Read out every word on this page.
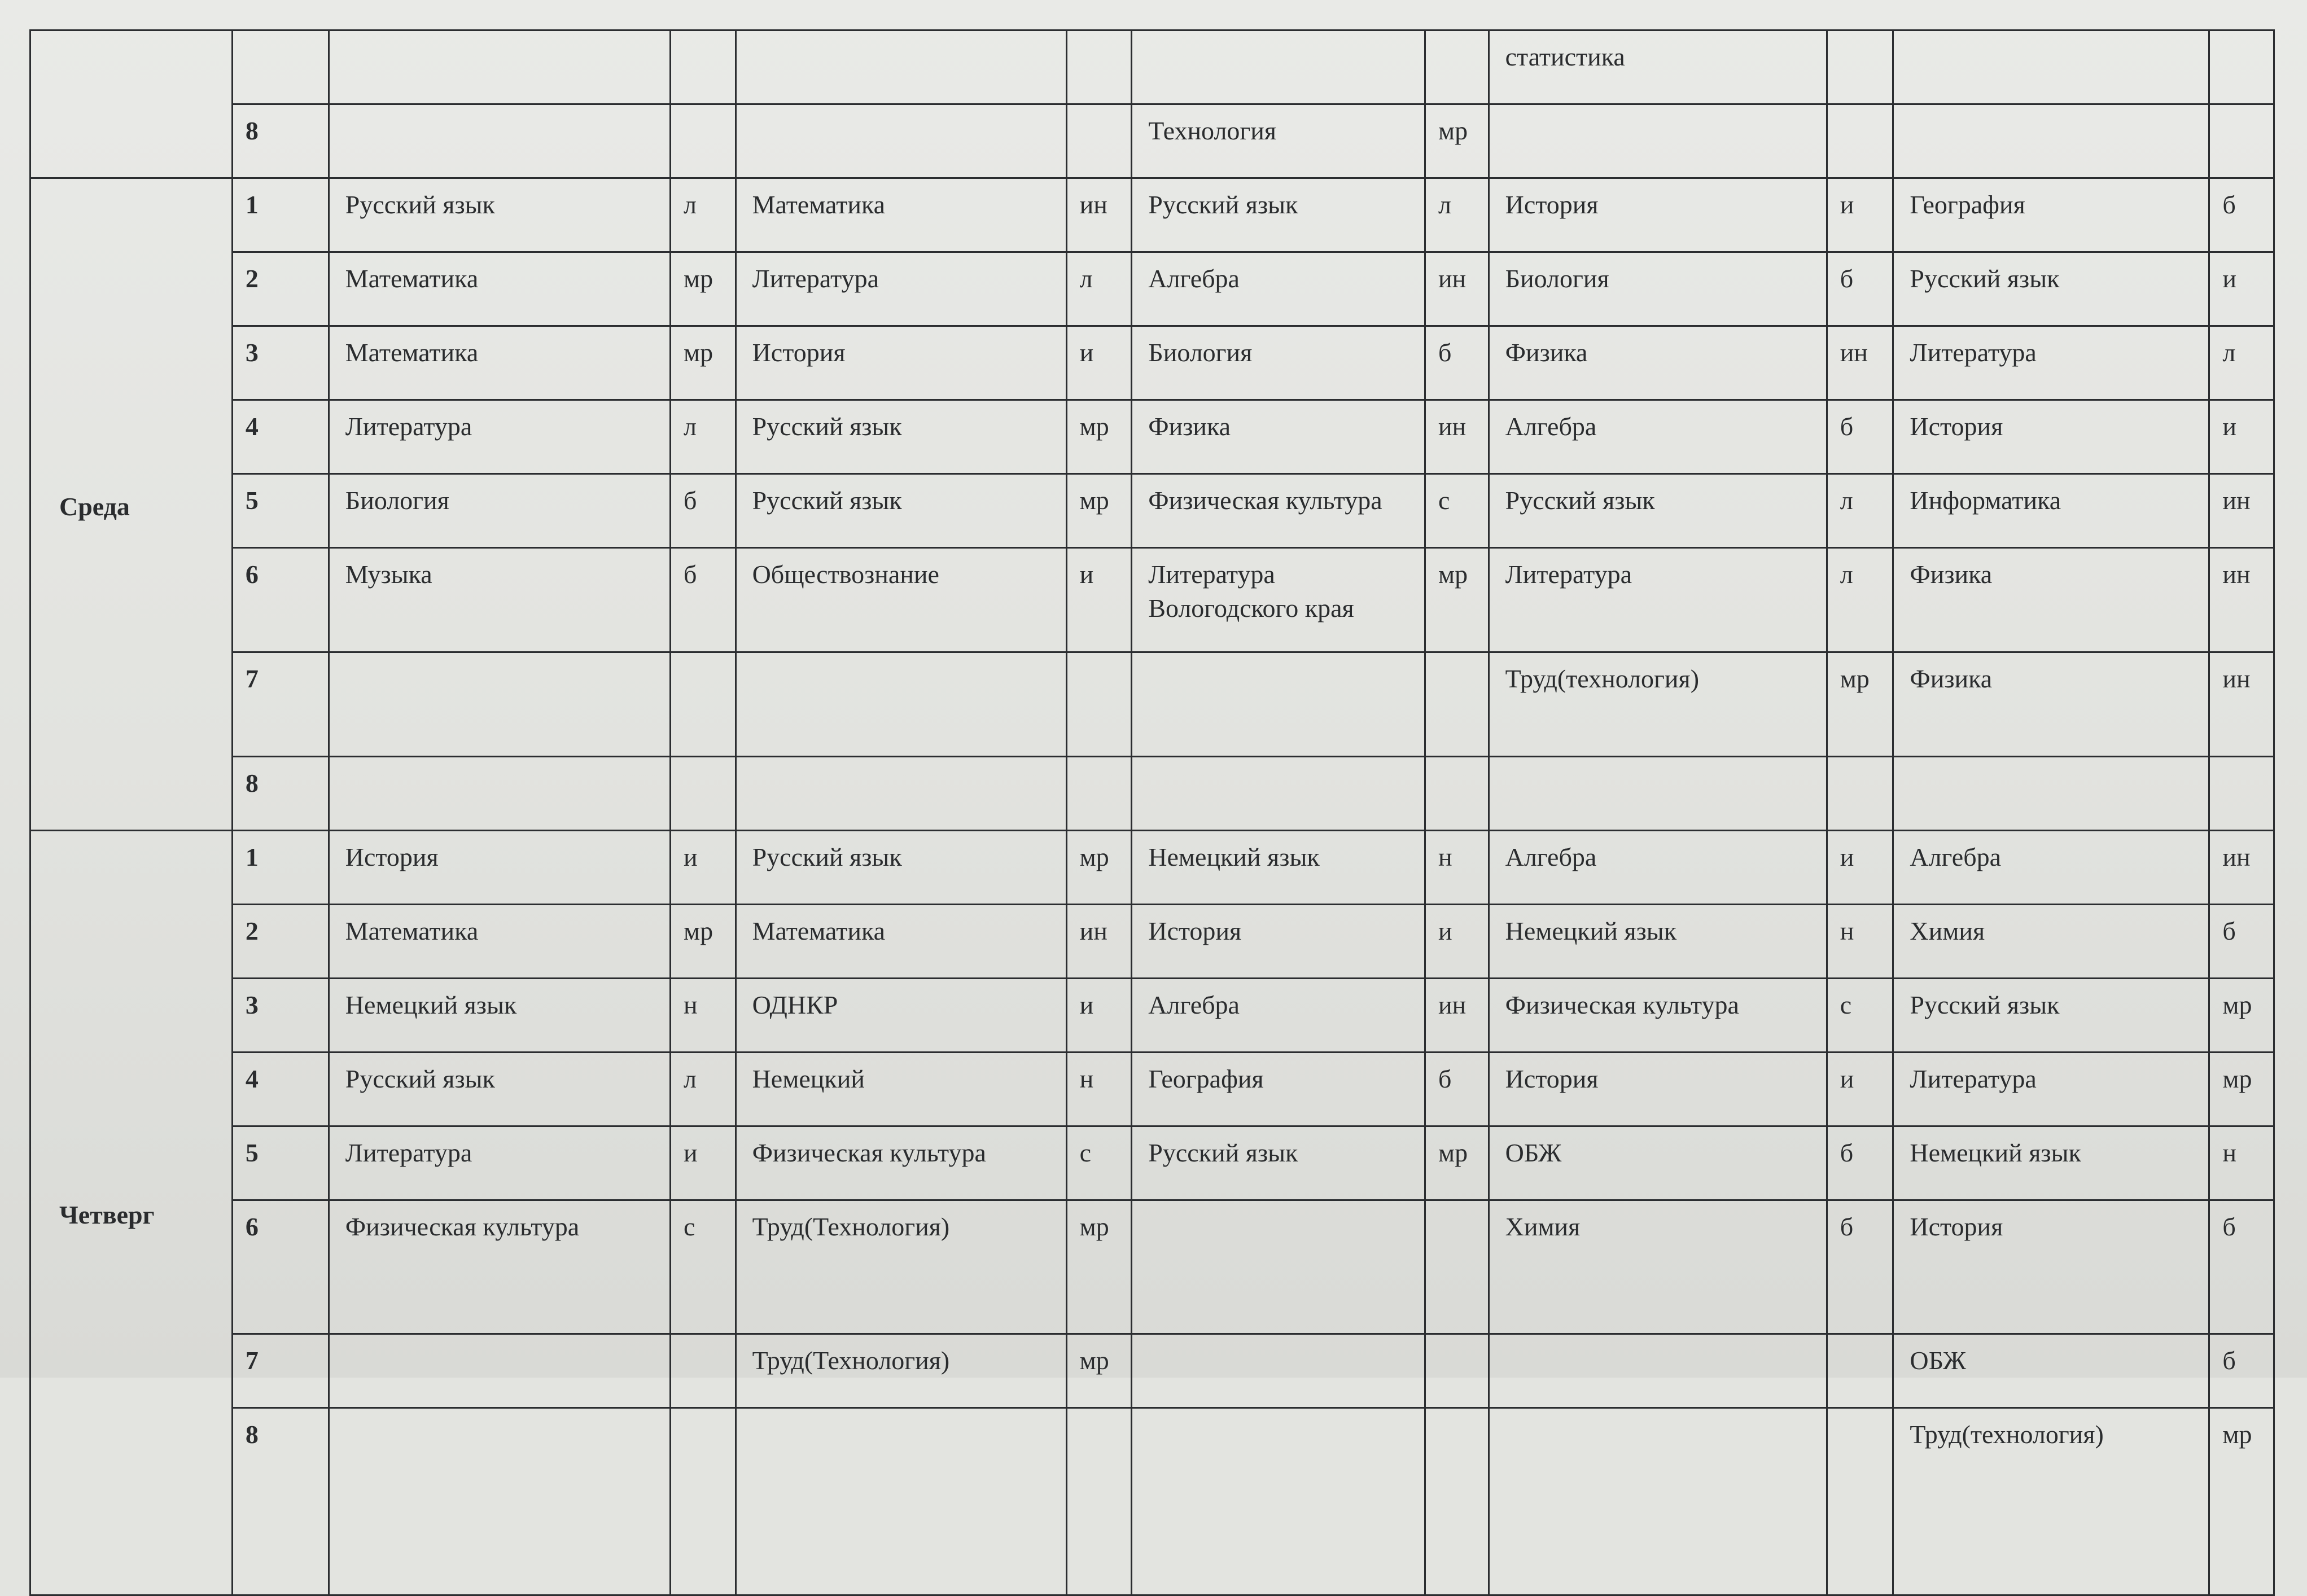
								статистика			
	8					Технология	мр				
Среда	1	Русский язык	л	Математика	ин	Русский язык	л	История	и	География	б
	2	Математика	мр	Литература	л	Алгебра	ин	Биология	б	Русский язык	и
	3	Математика	мр	История	и	Биология	б	Физика	ин	Литература	л
	4	Литература	л	Русский язык	мр	Физика	ин	Алгебра	б	История	и
	5	Биология	б	Русский язык	мр	Физическая культура	с	Русский язык	л	Информатика	ин
	6	Музыка	б	Обществознание	и	Литература Вологодского края	мр	Литература	л	Физика	ин
	7							Труд(технология)	мр	Физика	ин
	8										
Четверг	1	История	и	Русский язык	мр	Немецкий язык	н	Алгебра	и	Алгебра	ин
	2	Математика	мр	Математика	ин	История	и	Немецкий язык	н	Химия	б
	3	Немецкий язык	н	ОДНКР	и	Алгебра	ин	Физическая культура	с	Русский язык	мр
	4	Русский язык	л	Немецкий	н	География	б	История	и	Литература	мр
	5	Литература	и	Физическая культура	с	Русский язык	мр	ОБЖ	б	Немецкий язык	н
	6	Физическая культура	с	Труд(Технология)	мр			Химия	б	История	б
	7			Труд(Технология)	мр					ОБЖ	б
	8									Труд(технология)	мр
